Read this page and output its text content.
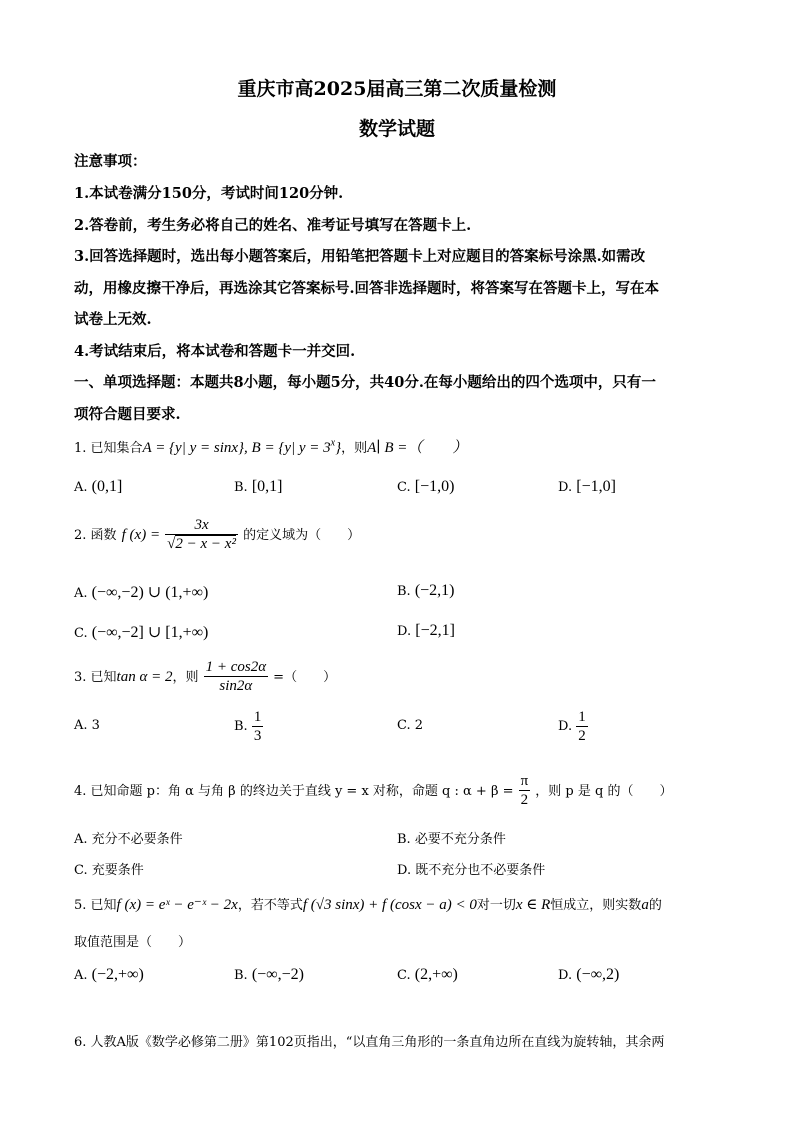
重庆市高2025届高三第二次质量检测
数学试题
注意事项：
1.本试卷满分150分，考试时间120分钟.
2.答卷前，考生务必将自己的姓名、准考证号填写在答题卡上.
3.回答选择题时，选出每小题答案后，用铅笔把答题卡上对应题目的答案标号涂黑.如需改
动，用橡皮擦干净后，再选涂其它答案标号.回答非选择题时，将答案写在答题卡上，写在本
试卷上无效.
4.考试结束后，将本试卷和答题卡一并交回.
一、单项选择题：本题共8小题，每小题5分，共40分.在每小题给出的四个选项中，只有一
项符合题目要求.
1. 已知集合A = {y| y = sinx}, B = {y| $y = 3^x$}，则A∣ B =（　　）
A. (0,1]	B. [0,1]	C. [−1,0)	D. [−1,0]
2. 函数 f $(x) = \frac{3x}{\text{√2 − x − x²}}$ 的定义域为（　　）
A. (−∞,−2) ∪ (1,+∞)	B. (−2,1)
C. (−∞,−2] ∪ [1,+∞)	D. [−2,1]
3. 已知tan α = 2，则 $\frac{1 + \cos 2\alpha}{\sin 2\alpha}$ =（　　）
A. 3	B. $\frac{1}{3}$	C. 2	D. $\frac{1}{2}$
4. 已知命题 p：角 α 与角 β 的终边关于直线 y = x 对称，命题 q : $\alpha + \beta = \frac{\pi}{2}$ ，则 p 是 q 的（　　）
A. 充分不必要条件	B. 必要不充分条件
C. 充要条件	D. 既不充分也不必要条件
5. 已知f (x) = eˣ − e⁻ˣ − 2x，若不等式f (√3 sinx) + f (cosx − a) < 0对一切x ∈ R恒成立，则实数a的
取值范围是（　　）
A. (−2,+∞)	B. (−∞,−2)	C. (2,+∞)	D. (−∞,2)
6. 人教A版《数学必修第二册》第102页指出，“以直角三角形的一条直角边所在直线为旋转轴，其余两
